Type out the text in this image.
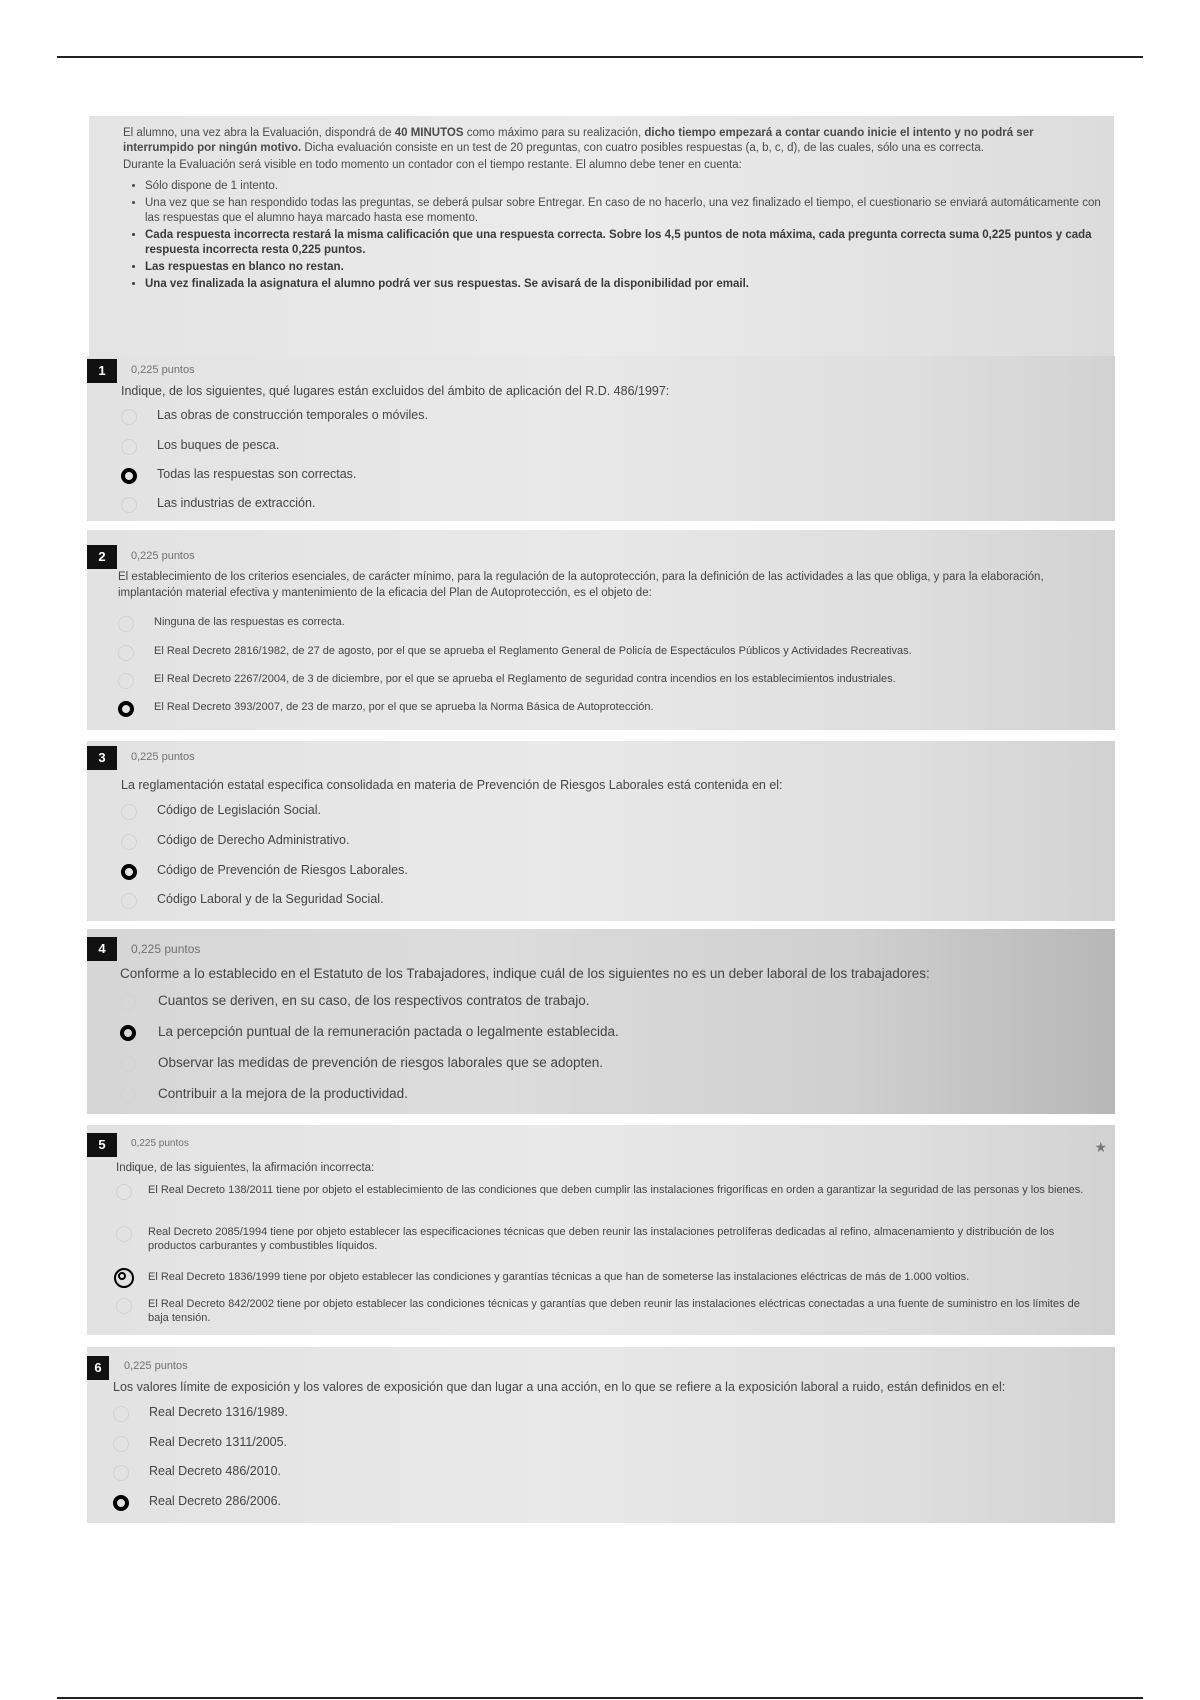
El alumno, una vez abra la Evaluación, dispondrá de 40 MINUTOS como máximo para su realización, dicho tiempo empezará a contar cuando inicie el intento y no podrá ser interrumpido por ningún motivo. Dicha evaluación consiste en un test de 20 preguntas, con cuatro posibles respuestas (a, b, c, d), de las cuales, sólo una es correcta.

Durante la Evaluación será visible en todo momento un contador con el tiempo restante. El alumno debe tener en cuenta:

• Sólo dispone de 1 intento.
• Una vez que se han respondido todas las preguntas, se deberá pulsar sobre Entregar. En caso de no hacerlo, una vez finalizado el tiempo, el cuestionario se enviará automáticamente con las respuestas que el alumno haya marcado hasta ese momento.
• Cada respuesta incorrecta restará la misma calificación que una respuesta correcta. Sobre los 4,5 puntos de nota máxima, cada pregunta correcta suma 0,225 puntos y cada respuesta incorrecta resta 0,225 puntos.
• Las respuestas en blanco no restan.
• Una vez finalizada la asignatura el alumno podrá ver sus respuestas. Se avisará de la disponibilidad por email.
1	0,225 puntos
Indique, de los siguientes, qué lugares están excluidos del ámbito de aplicación del R.D. 486/1997:
Las obras de construcción temporales o móviles.
Los buques de pesca.
Todas las respuestas son correctas.
Las industrias de extracción.
2	0,225 puntos
El establecimiento de los criterios esenciales, de carácter mínimo, para la regulación de la autoprotección, para la definición de las actividades a las que obliga, y para la elaboración, implantación material efectiva y mantenimiento de la eficacia del Plan de Autoprotección, es el objeto de:
Ninguna de las respuestas es correcta.
El Real Decreto 2816/1982, de 27 de agosto, por el que se aprueba el Reglamento General de Policía de Espectáculos Públicos y Actividades Recreativas.
El Real Decreto 2267/2004, de 3 de diciembre, por el que se aprueba el Reglamento de seguridad contra incendios en los establecimientos industriales.
El Real Decreto 393/2007, de 23 de marzo, por el que se aprueba la Norma Básica de Autoprotección.
3	0,225 puntos
La reglamentación estatal especifica consolidada en materia de Prevención de Riesgos Laborales está contenida en el:
Código de Legislación Social.
Código de Derecho Administrativo.
Código de Prevención de Riesgos Laborales.
Código Laboral y de la Seguridad Social.
4	0,225 puntos
Conforme a lo establecido en el Estatuto de los Trabajadores, indique cuál de los siguientes no es un deber laboral de los trabajadores:
Cuantos se deriven, en su caso, de los respectivos contratos de trabajo.
La percepción puntual de la remuneración pactada o legalmente establecida.
Observar las medidas de prevención de riesgos laborales que se adopten.
Contribuir a la mejora de la productividad.
5	0,225 puntos	★
Indique, de las siguientes, la afirmación incorrecta:
El Real Decreto 138/2011 tiene por objeto el establecimiento de las condiciones que deben cumplir las instalaciones frigoríficas en orden a garantizar la seguridad de las personas y los bienes.
Real Decreto 2085/1994 tiene por objeto establecer las especificaciones técnicas que deben reunir las instalaciones petrolíferas dedicadas al refino, almacenamiento y distribución de los productos carburantes y combustibles líquidos.
El Real Decreto 1836/1999 tiene por objeto establecer las condiciones y garantías técnicas a que han de someterse las instalaciones eléctricas de más de 1.000 voltios.
El Real Decreto 842/2002 tiene por objeto establecer las condiciones técnicas y garantías que deben reunir las instalaciones eléctricas conectadas a una fuente de suministro en los límites de baja tensión.
6	0,225 puntos
Los valores límite de exposición y los valores de exposición que dan lugar a una acción, en lo que se refiere a la exposición laboral a ruido, están definidos en el:
Real Decreto 1316/1989.
Real Decreto 1311/2005.
Real Decreto 486/2010.
Real Decreto 286/2006.
